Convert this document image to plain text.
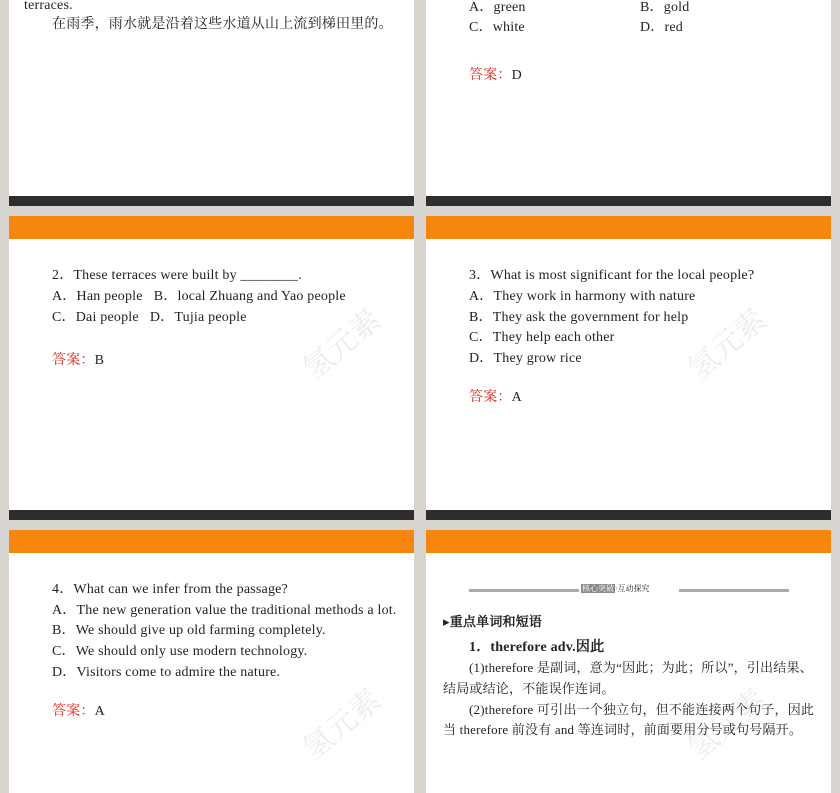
氢元素	氢元素
氢元素	氢元素
terraces.
在雨季，雨水就是沿着这些水道从山上流到梯田里的。
A．green	B．gold
C．white	D．red
答案：D
2．These terraces were built by ________.
A．Han people   B．local Zhuang and Yao people
C．Dai people   D．Tujia people
答案：B
3．What is most significant for the local people?
A．They work in harmony with nature
B．They ask the government for help
C．They help each other
D．They grow rice
答案：A
4．What can we infer from the passage?
A．The new generation value the traditional methods a lot.
B．We should give up old farming completely.
C．We should only use modern technology.
D．Visitors come to admire the nature.
答案：A
核心突破·互动探究
▸重点单词和短语
1．therefore adv.因此
(1)therefore 是副词，意为“因此；为此；所以”，引出结果、
结局或结论，不能误作连词。
(2)therefore 可引出一个独立句，但不能连接两个句子，因此
当 therefore 前没有 and 等连词时，前面要用分号或句号隔开。
